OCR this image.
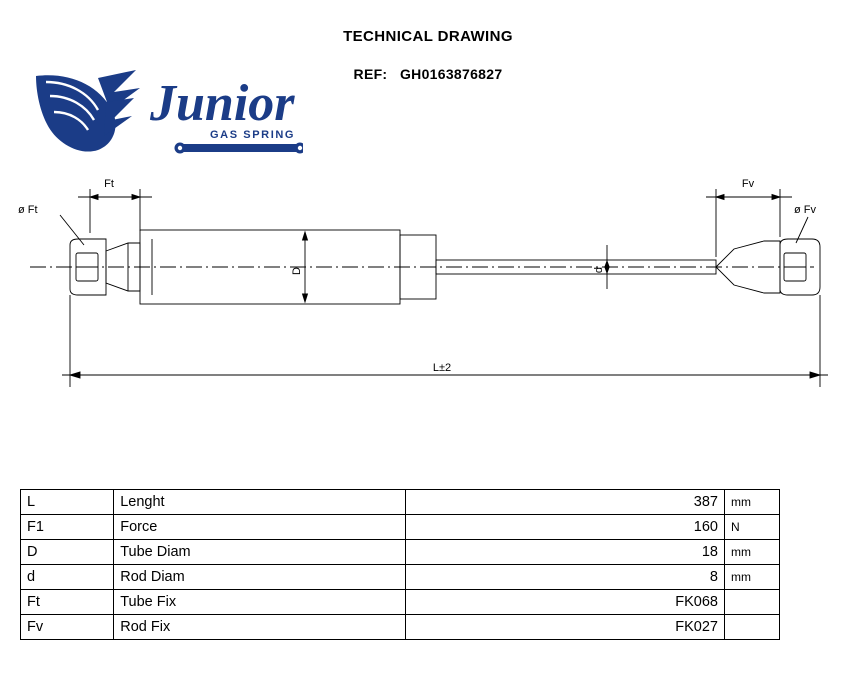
TECHNICAL DRAWING
REF: GH0163876827
Junior
GAS SPRING
Ft	Fv
ø Ft	ø Fv
D	d
L±2
L	Lenght	387	mm
F1	Force	160	N
D	Tube Diam	18	mm
d	Rod Diam	8	mm
Ft	Tube Fix	FK068	
Fv	Rod Fix	FK027	
